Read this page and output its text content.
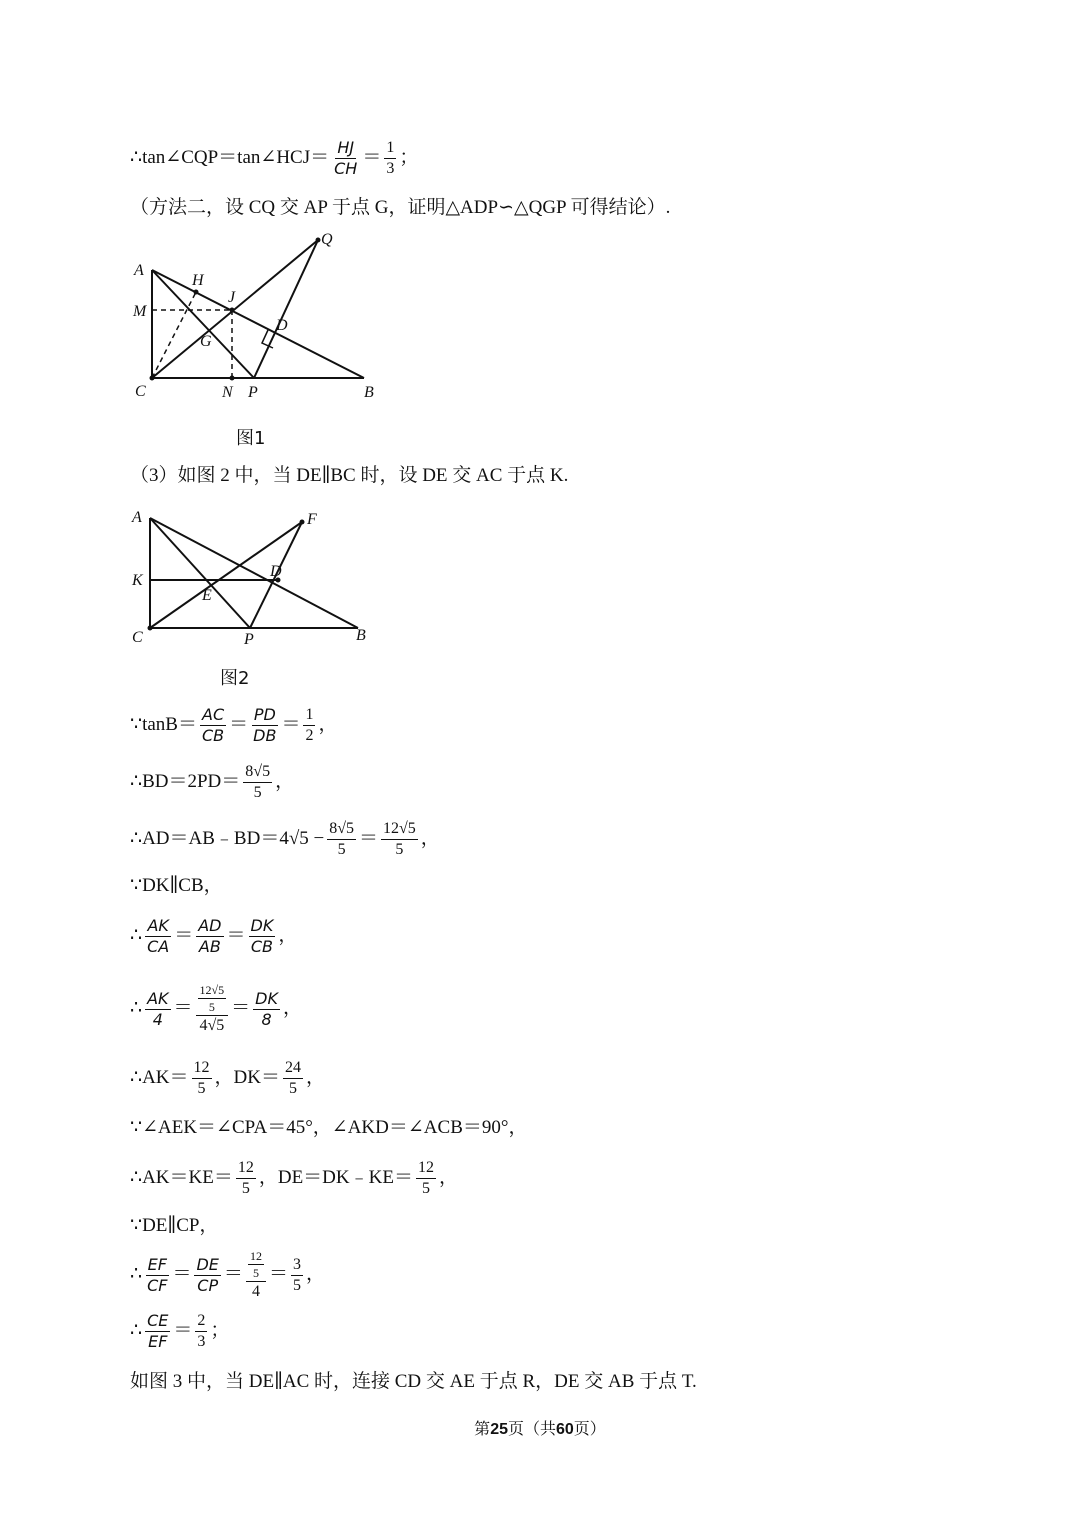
∴tan∠CQP＝tan∠HCJ＝ $\frac{HJ}{CH} = \frac{1}{3}$ ；
（方法二，设 CQ 交 AP 于点 G，证明△ADP∽△QGP 可得结论）.
A
H
J
Q
M
D
G
C	N P	B
图1
（3）如图 2 中，当 DE∥BC 时，设 DE 交 AC 于点 K.
A	F
K
D
E
C	P	B
图2
∵tanB＝ $\frac{AC}{CB} = \frac{PD}{DB} = \frac{1}{2}$ ，
∴BD＝2PD＝ $\frac{8√5}{5}$ ，
∴AD＝AB﹣BD＝4√5 − $\frac{8√5}{5} = \frac{12√5}{5}$ ，
∵DK∥CB，
∴ $\frac{AK}{CA} = \frac{AD}{AB} = \frac{DK}{CB}$ ，
∴ $\frac{AK}{4} = \frac{\frac{12√5}{5}}{4√5} = \frac{DK}{8}$ ，
∴AK＝ $\frac{12}{5}$ ，$DK= \frac{24}{5}$ ，
∵∠AEK＝∠CPA＝45°，∠AKD＝∠ACB＝90°，
∴AK＝KE＝ $\frac{12}{5}$ ，DE＝DK﹣KE＝ $\frac{12}{5}$ ，
∵DE∥CP，
∴ $\frac{EF}{CF} = \frac{DE}{CP} = \frac{\frac{12}{5}}{4} = \frac{3}{5}$ ，
∴ $\frac{CE}{EF} = \frac{2}{3}$ ；
如图 3 中，当 DE∥AC 时，连接 CD 交 AE 于点 R，DE 交 AB 于点 T.
第25页（共60页）
